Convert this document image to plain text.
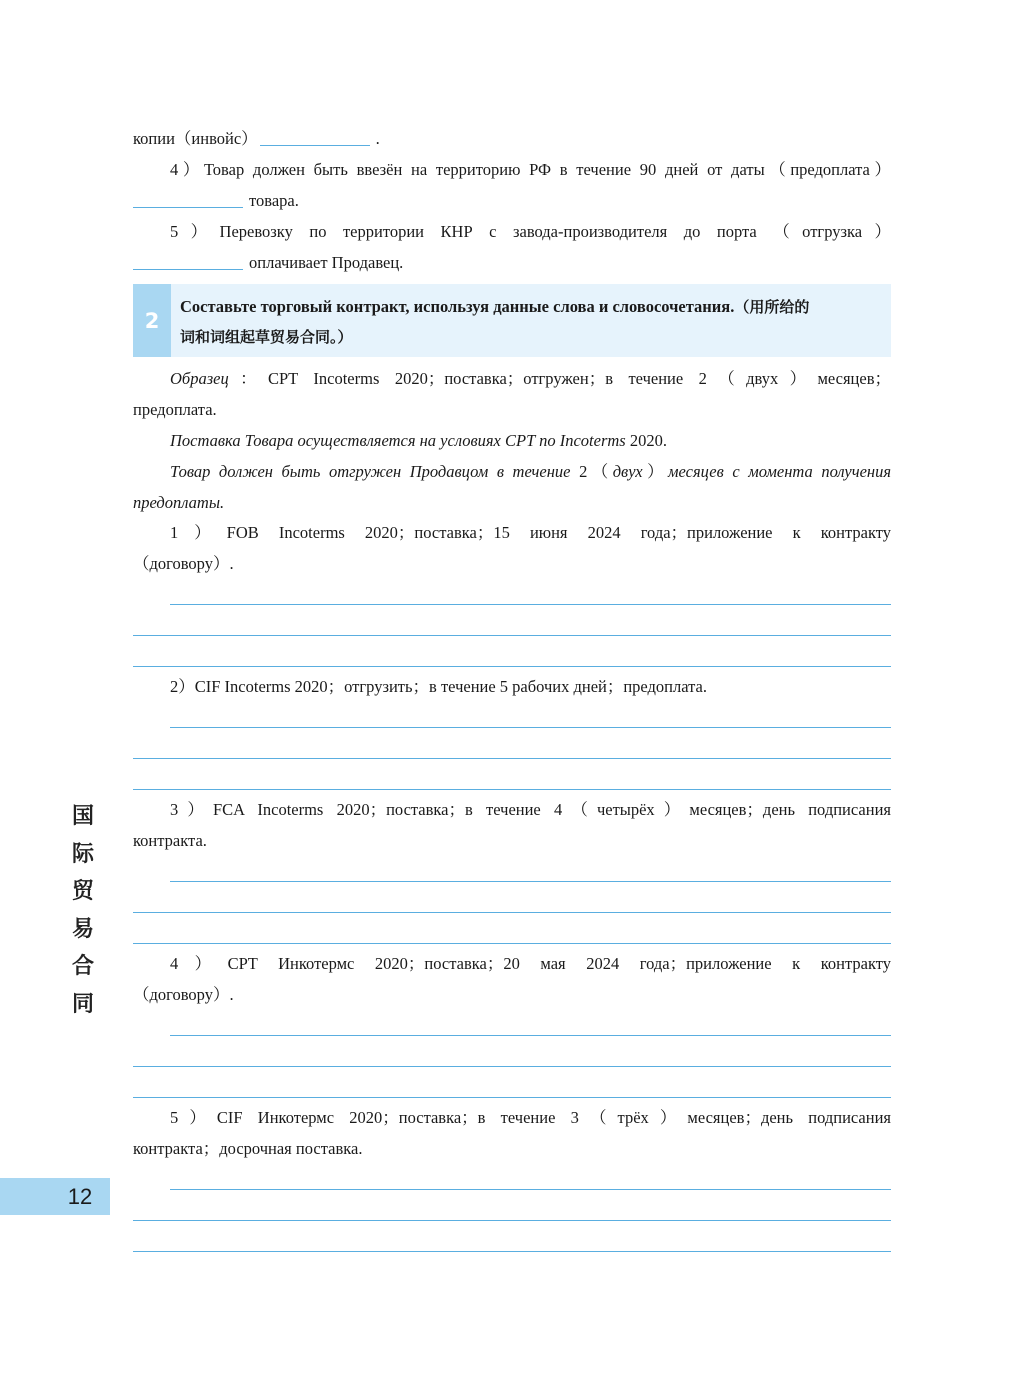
копии（инвойс）	.
4）Товар должен быть ввезён на территорию РФ в течение 90 дней от даты（предоплата）
товара.
5）Перевозку по территории КНР с завода-производителя до порта （отгрузка）
оплачивает Продавец.
2
Составьте торговый контракт, используя данные слова и словосочетания.（用所给的
词和词组起草贸易合同。）
Образец：CPT Incoterms 2020；поставка；отгружен；в течение 2（двух）месяцев；
предоплата.
Поставка Товара осуществляется на условиях CPT по Incoterms 2020.
Товар должен быть отгружен Продавцом в течение 2（двух）месяцев с момента получения
предоплаты.
1）FOB Incoterms 2020；поставка；15 июня 2024 года；приложение к контракту
（договору）.
2）CIF Incoterms 2020；отгрузить；в течение 5 рабочих дней；предоплата.
3）FCA Incoterms 2020；поставка；в течение 4（четырёх）месяцев；день подписания
контракта.
4）CPT Инкотермс 2020；поставка；20 мая 2024 года；приложение к контракту
（договору）.
5）CIF Инкотермс 2020；поставка；в течение 3（трёх）месяцев；день подписания
контракта；досрочная поставка.
国
际
贸
易
合
同
12
